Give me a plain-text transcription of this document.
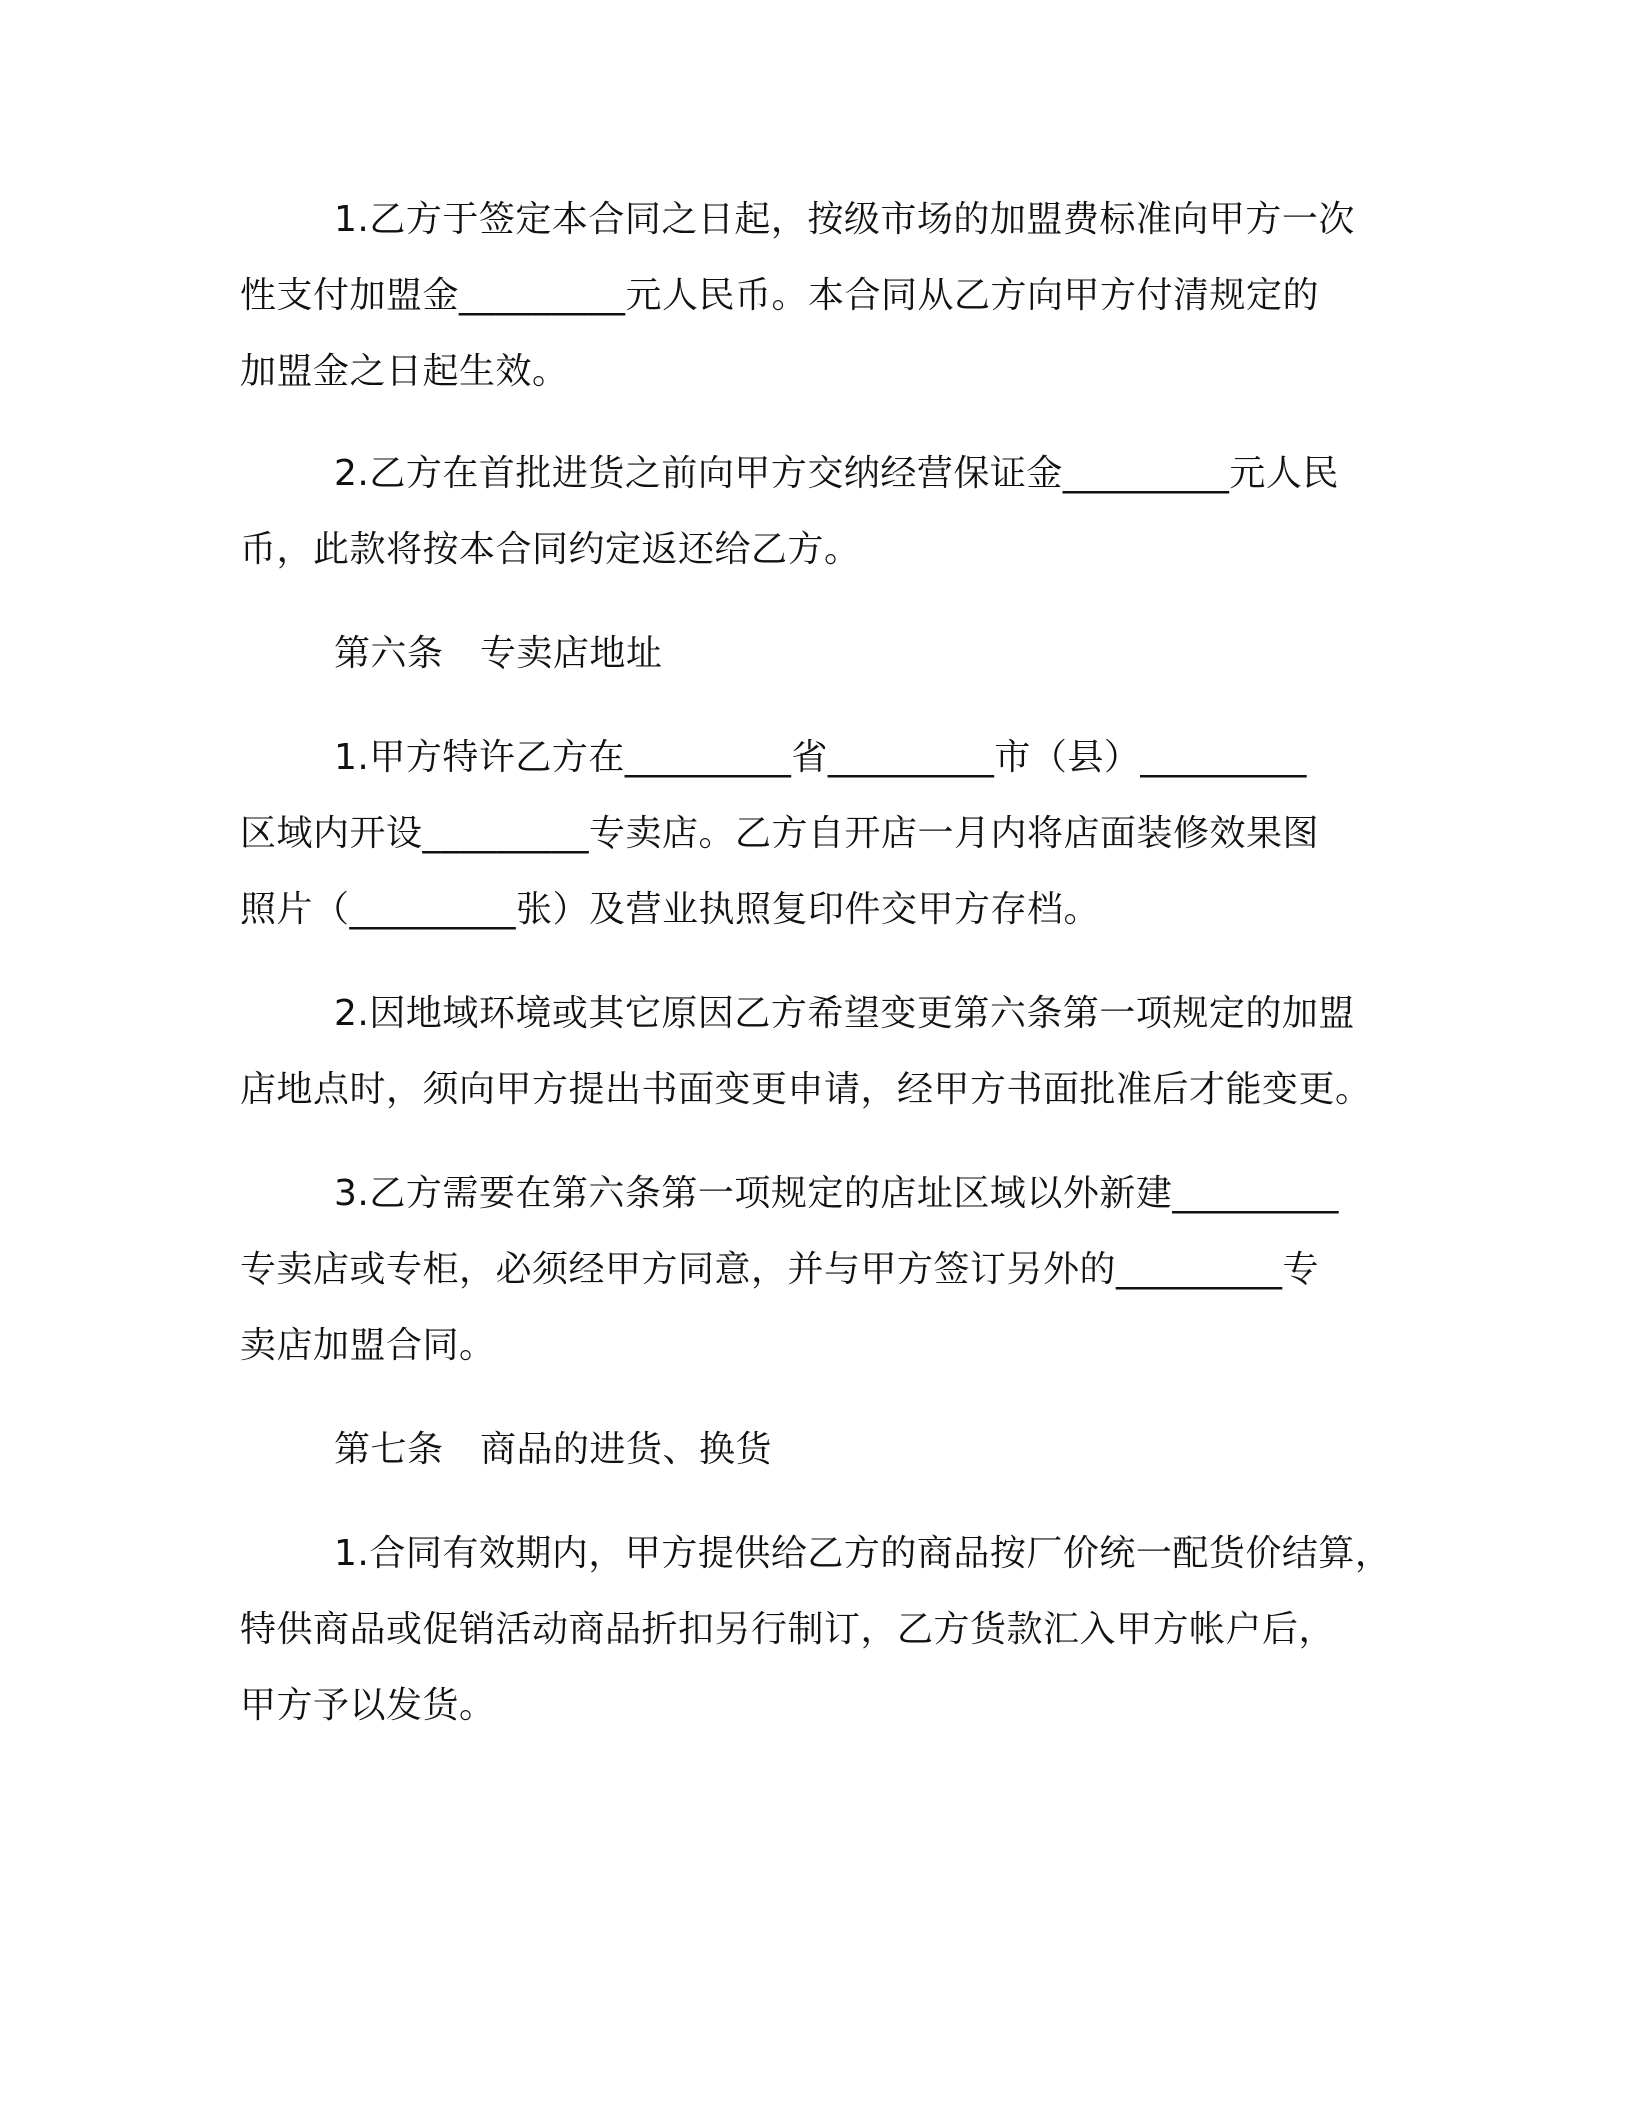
1.乙方于签定本合同之日起，按级市场的加盟费标准向甲方一次
性支付加盟金_________元人民币。本合同从乙方向甲方付清规定的
加盟金之日起生效。
2.乙方在首批进货之前向甲方交纳经营保证金_________元人民
币，此款将按本合同约定返还给乙方。
第六条　专卖店地址
1.甲方特许乙方在_________省_________市（县）_________
区域内开设_________专卖店。乙方自开店一月内将店面装修效果图
照片（_________张）及营业执照复印件交甲方存档。
2.因地域环境或其它原因乙方希望变更第六条第一项规定的加盟
店地点时，须向甲方提出书面变更申请，经甲方书面批准后才能变更。
3.乙方需要在第六条第一项规定的店址区域以外新建_________
专卖店或专柜，必须经甲方同意，并与甲方签订另外的_________专
卖店加盟合同。
第七条　商品的进货、换货
1.合同有效期内，甲方提供给乙方的商品按厂价统一配货价结算，
特供商品或促销活动商品折扣另行制订，乙方货款汇入甲方帐户后，
甲方予以发货。
